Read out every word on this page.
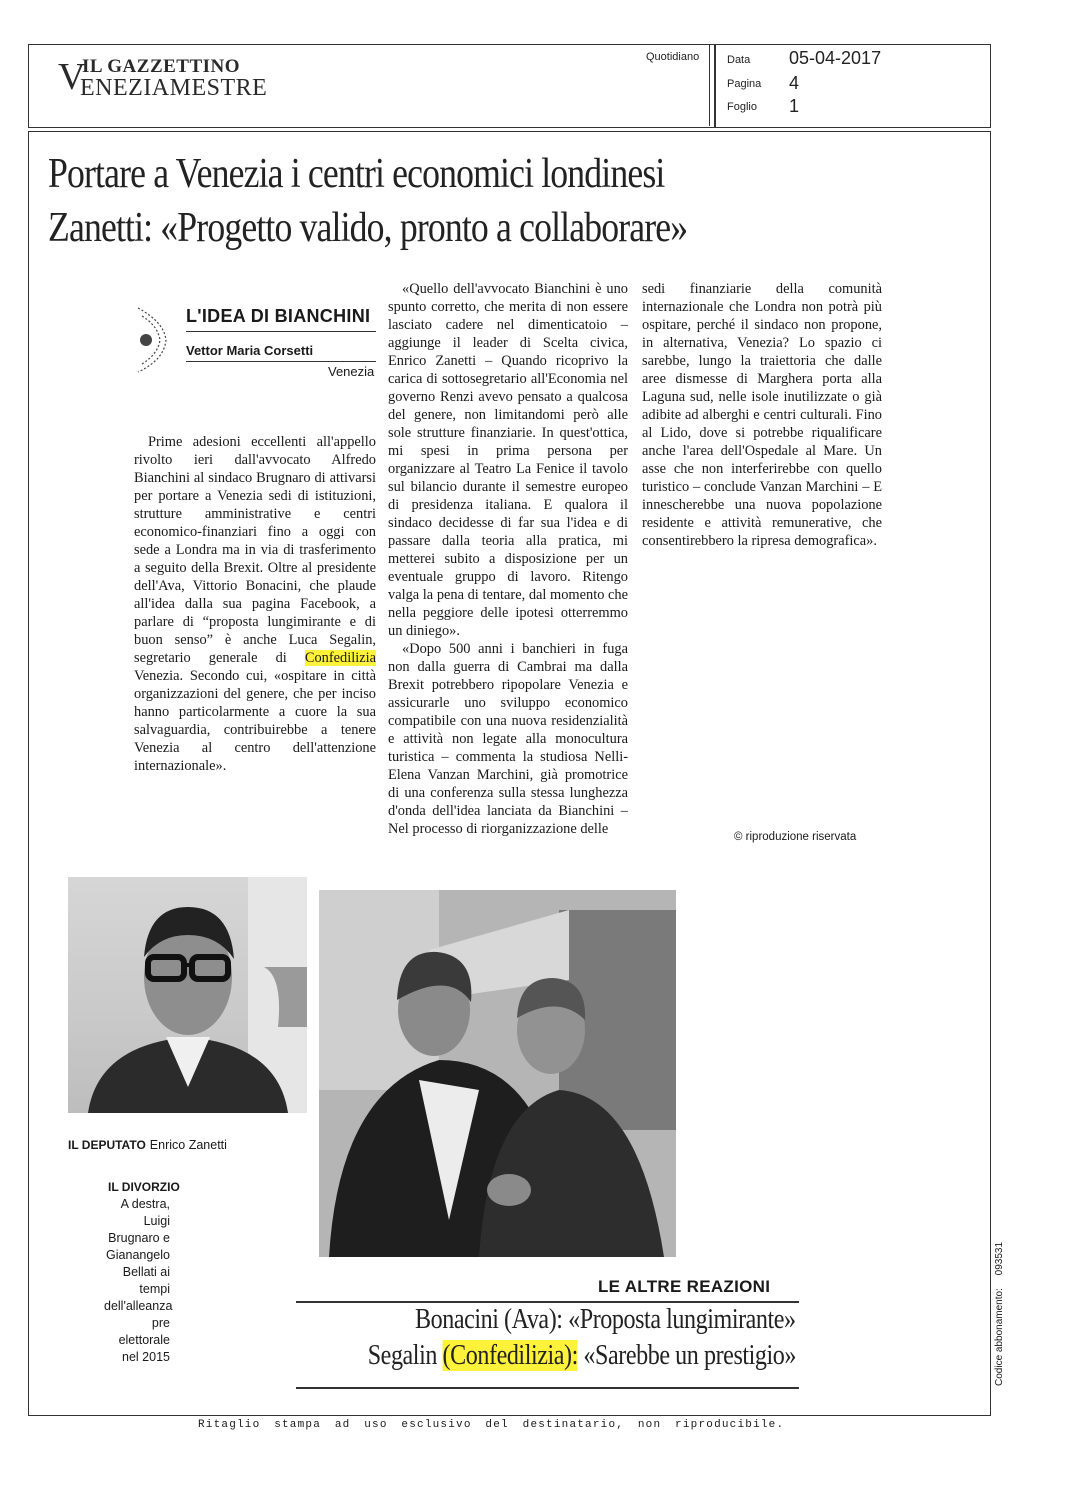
V
IL GAZZETTINO
ENEZIAMESTRE
Quotidiano	Data 05-04-2017
Pagina 4
Foglio 1
Portare a Venezia i centri economici londinesi
Zanetti: «Progetto valido, pronto a collaborare»
L'IDEA DI BIANCHINI
Vettor Maria Corsetti
Venezia

Prime adesioni eccellenti all'appello rivolto ieri dall'avvocato Alfredo Bianchini al sindaco Brugnaro di attivarsi per portare a Venezia sedi di istituzioni, strutture amministrative e centri economico-finanziari fino a oggi con sede a Londra ma in via di trasferimento a seguito della Brexit. Oltre al presidente dell'Ava, Vittorio Bonacini, che plaude all'idea dalla sua pagina Facebook, a parlare di “proposta lungimirante e di buon senso” è anche Luca Segalin, segretario generale di Confedilizia Venezia. Secondo cui, «ospitare in città organizzazioni del genere, che per inciso hanno particolarmente a cuore la sua salvaguardia, contribuirebbe a tenere Venezia al centro dell'attenzione internazionale».

«Quello dell'avvocato Bianchini è uno spunto corretto, che merita di non essere lasciato cadere nel dimenticatoio – aggiunge il leader di Scelta civica, Enrico Zanetti – Quando ricoprivo la carica di sottosegretario all'Economia nel governo Renzi avevo pensato a qualcosa del genere, non limitandomi però alle sole strutture finanziarie. In quest'ottica, mi spesi in prima persona per organizzare al Teatro La Fenice il tavolo sul bilancio durante il semestre europeo di presidenza italiana. E qualora il sindaco decidesse di far sua l'idea e di passare dalla teoria alla pratica, mi metterei subito a disposizione per un eventuale gruppo di lavoro. Ritengo valga la pena di tentare, dal momento che nella peggiore delle ipotesi otterremmo un diniego».

«Dopo 500 anni i banchieri in fuga non dalla guerra di Cambrai ma dalla Brexit potrebbero ripopolare Venezia e assicurarle uno sviluppo economico compatibile con una nuova residenzialità e attività non legate alla monocultura turistica – commenta la studiosa Nelli-Elena Vanzan Marchini, già promotrice di una conferenza sulla stessa lunghezza d'onda dell'idea lanciata da Bianchini – Nel processo di riorganizzazione delle

sedi finanziarie della comunità internazionale che Londra non potrà più ospitare, perché il sindaco non propone, in alternativa, Venezia? Lo spazio ci sarebbe, lungo la traiettoria che dalle aree dismesse di Marghera porta alla Laguna sud, nelle isole inutilizzate o già adibite ad alberghi e centri culturali. Fino al Lido, dove si potrebbe riqualificare anche l'area dell'Ospedale al Mare. Un asse che non interferirebbe con quello turistico – conclude Vanzan Marchini – E innescherebbe una nuova popolazione residente e attività remunerative, che consentirebbero la ripresa demografica».

© riproduzione riservata
IL DEPUTATO Enrico Zanetti
IL DIVORZIO
A destra, Luigi Brugnaro e Gianangelo Bellati ai tempi dell'alleanza pre elettorale nel 2015
LE ALTRE REAZIONI
Bonacini (Ava): «Proposta lungimirante»
Segalin (Confedilizia): «Sarebbe un prestigio»
Ritaglio stampa ad uso esclusivo del destinatario, non riproducibile.
Codice abbonamento: 093531
